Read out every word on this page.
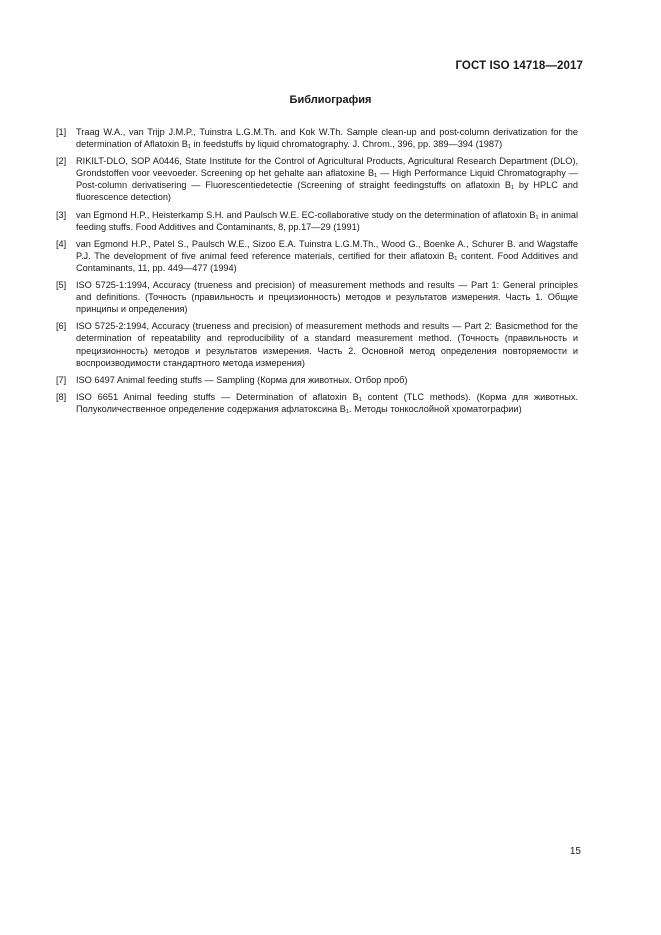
ГОСТ ISO 14718—2017
Библиография
[1]	Traag W.A., van Trijp J.M.P., Tuinstra L.G.M.Th. and Kok W.Th. Sample clean-up and post-column derivatization for the determination of Aflatoxin B₁ in feedstuffs by liquid chromatography. J. Chrom., 396, pp. 389—394 (1987)
[2]	RIKILT-DLO, SOP A0446, State Institute for the Control of Agricultural Products, Agricultural Research Department (DLO), Grondstoffen voor veevoeder. Screening op het gehalte aan aflatoxine B₁ — High Performance Liquid Chromatography — Post-column derivatisering — Fluorescentiedetectie (Screening of straight feedingstuffs on aflatoxin B₁ by HPLC and fluorescence detection)
[3]	van Egmond H.P., Heisterkamp S.H. and Paulsch W.E. EC-collaborative study on the determination of aflatoxin B₁ in animal feeding stuffs. Food Additives and Contaminants, 8, pp.17—29 (1991)
[4]	van Egmond H.P., Patel S., Paulsch W.E., Sizoo E.A. Tuinstra L.G.M.Th., Wood G., Boenke A., Schurer B. and Wagstaffe P.J. The development of five animal feed reference materials, certified for their aflatoxin B₁ content. Food Additives and Contaminants, 11, pp. 449—477 (1994)
[5]	ISO 5725-1:1994, Accuracy (trueness and precision) of measurement methods and results — Part 1: General principles and definitions. (Точность (правильность и прецизионность) методов и результатов измерения. Часть 1. Общие принципы и определения)
[6]	ISO 5725-2:1994, Accuracy (trueness and precision) of measurement methods and results — Part 2: Basicmethod for the determination of repeatability and reproducibility of a standard measurement method. (Точность (правильность и прецизионность) методов и результатов измерения. Часть 2. Основной метод определения повторяемости и воспроизводимости стандартного метода измерения)
[7]	ISO 6497 Animal feeding stuffs — Sampling (Корма для животных. Отбор проб)
[8]	ISO 6651 Animal feeding stuffs — Determination of aflatoxin B₁ content (TLC methods). (Корма для животных. Полуколичественное определение содержания афлатоксина B₁. Методы тонкослойной хроматографии)
15
